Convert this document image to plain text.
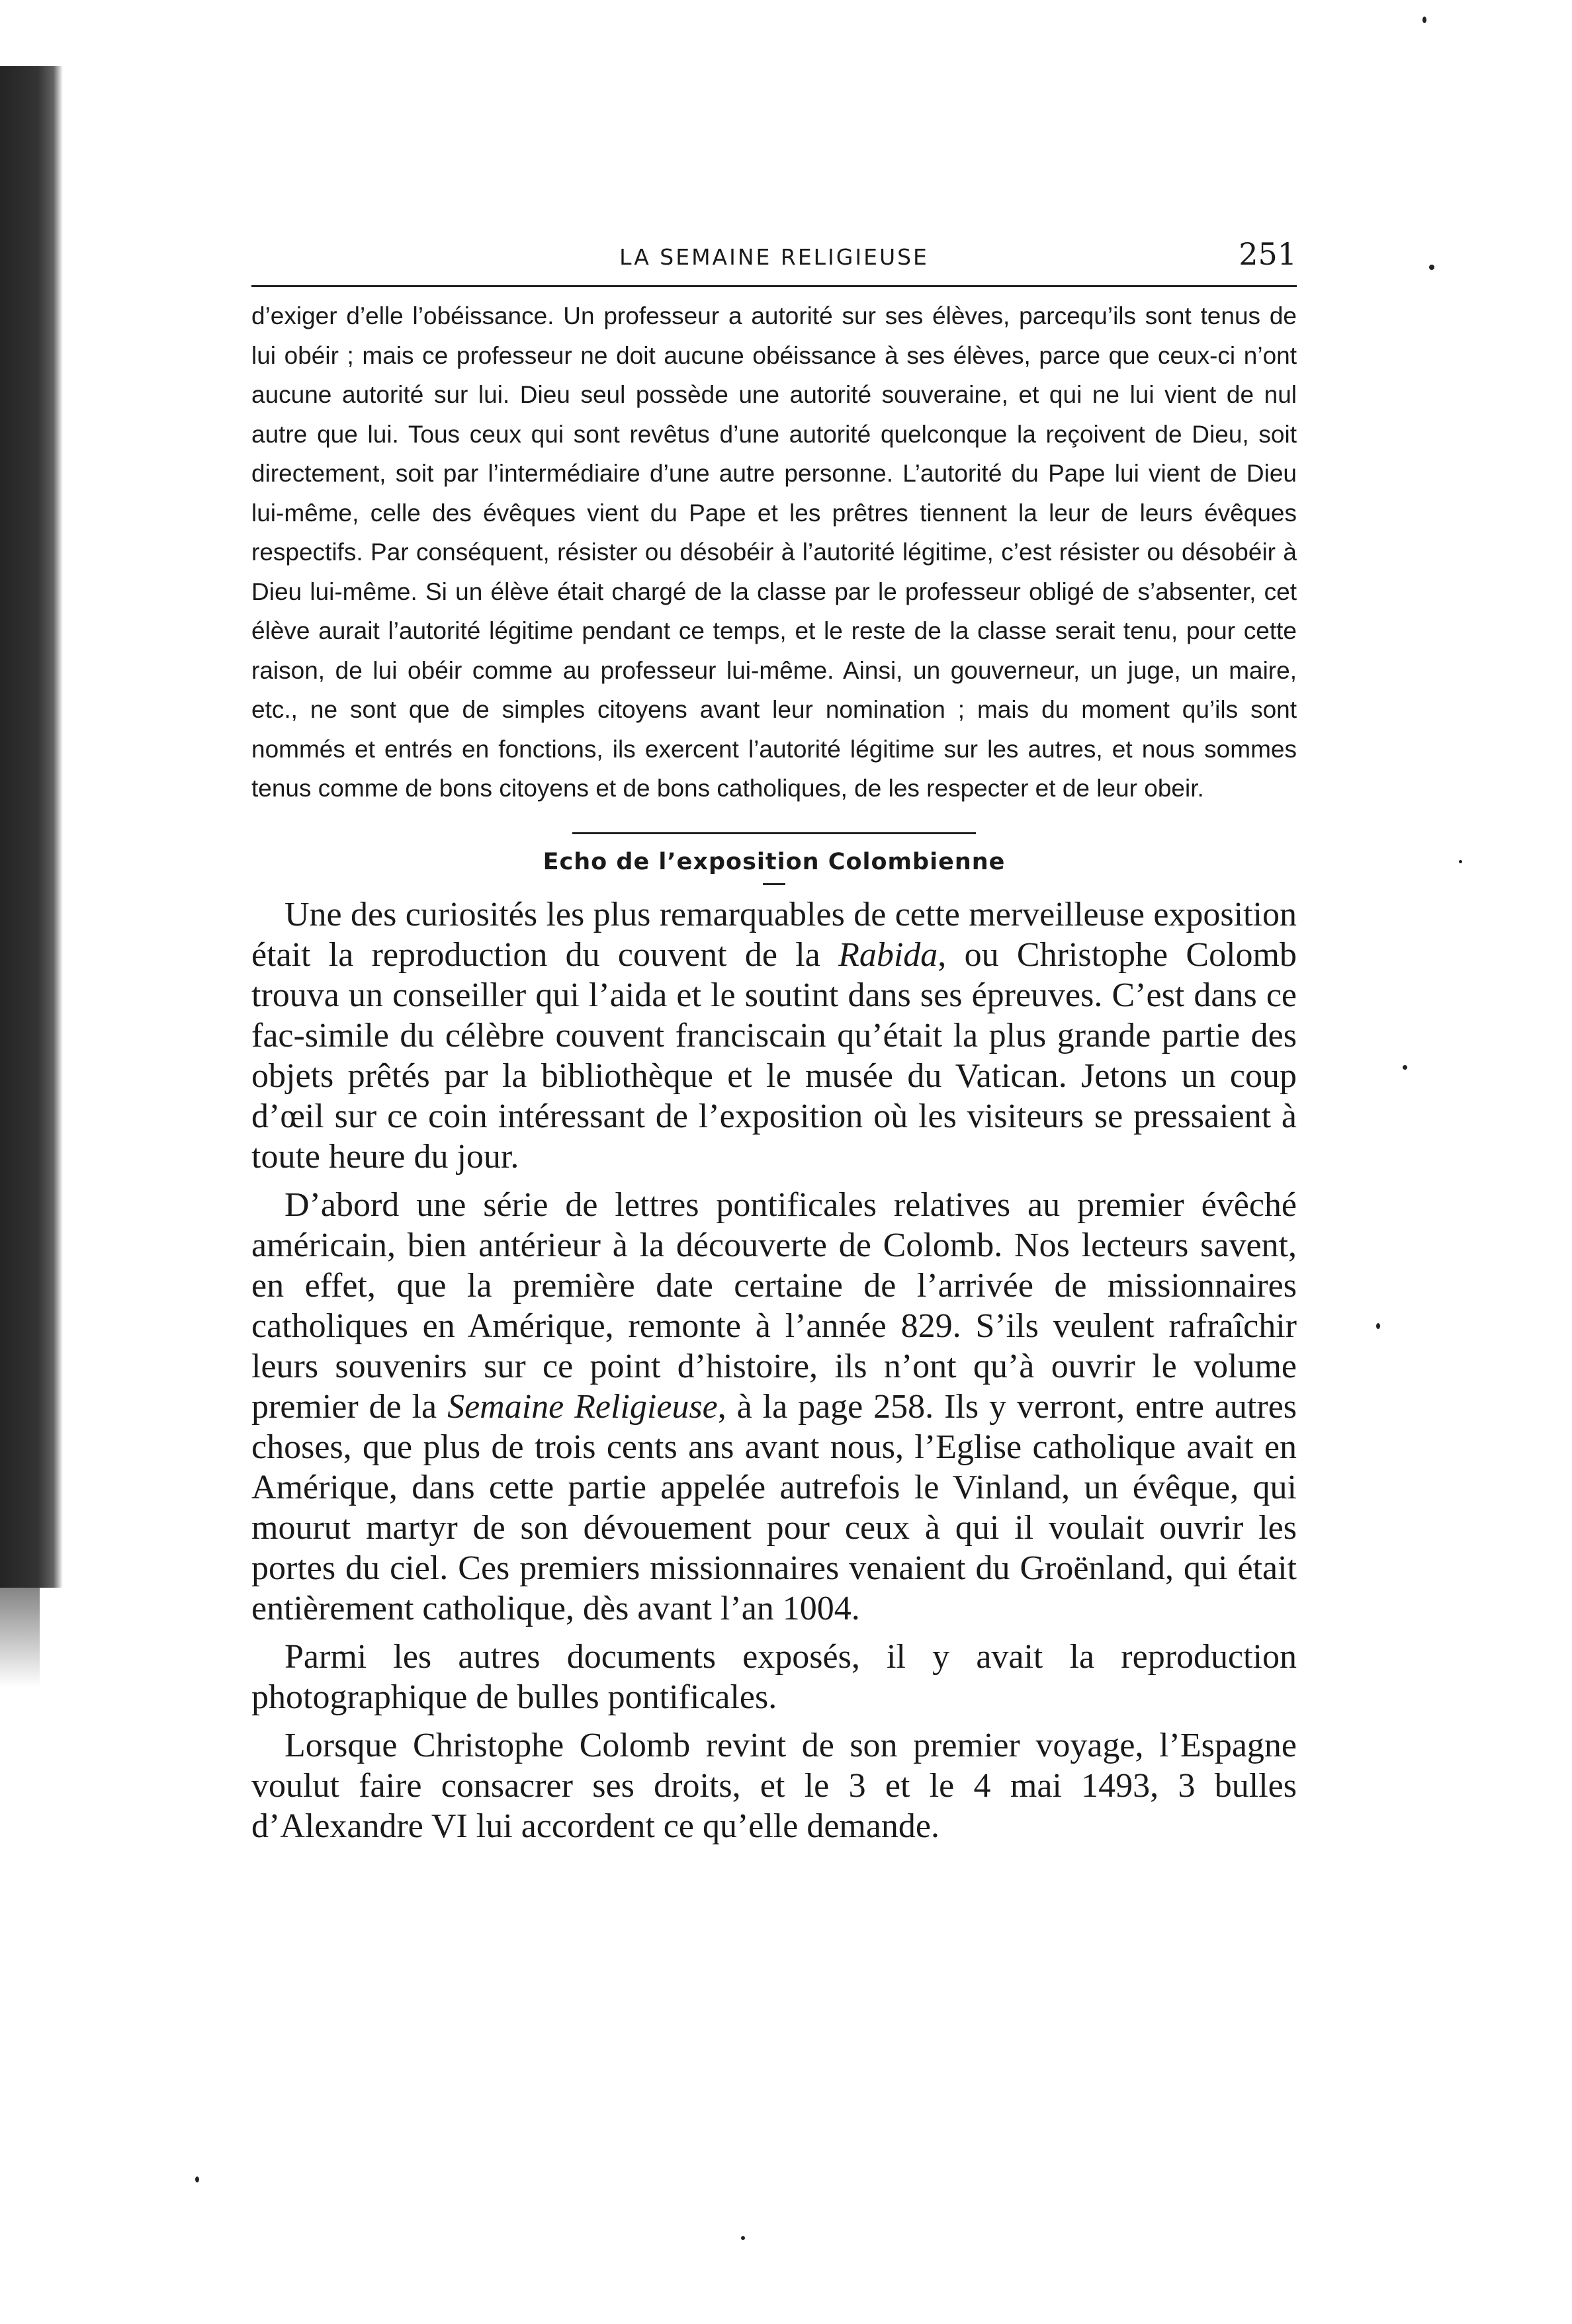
LA SEMAINE RELIGIEUSE	251
d’exiger d’elle l’obéissance. Un professeur a autorité sur ses élèves, parcequ’ils sont tenus de lui obéir ; mais ce professeur ne doit aucune obéissance à ses élèves, parce que ceux-ci n’ont aucune autorité sur lui. Dieu seul possède une autorité souveraine, et qui ne lui vient de nul autre que lui. Tous ceux qui sont revêtus d’une autorité quelconque la reçoivent de Dieu, soit directement, soit par l’intermédiaire d’une autre personne. L’autorité du Pape lui vient de Dieu lui-même, celle des évêques vient du Pape et les prêtres tiennent la leur de leurs évêques respectifs. Par conséquent, résister ou désobéir à l’autorité légitime, c’est résister ou désobéir à Dieu lui-même. Si un élève était chargé de la classe par le professeur obligé de s’absenter, cet élève aurait l’autorité légitime pendant ce temps, et le reste de la classe serait tenu, pour cette raison, de lui obéir comme au professeur lui-même. Ainsi, un gouverneur, un juge, un maire, etc., ne sont que de simples citoyens avant leur nomination ; mais du moment qu’ils sont nommés et entrés en fonctions, ils exercent l’autorité légitime sur les autres, et nous sommes tenus comme de bons citoyens et de bons catholiques, de les respecter et de leur obeir.
Echo de l’exposition Colombienne

Une des curiosités les plus remarquables de cette merveilleuse exposition était la reproduction du couvent de la Rabida, ou Christophe Colomb trouva un conseiller qui l’aida et le soutint dans ses épreuves. C’est dans ce fac-simile du célèbre couvent franciscain qu’était la plus grande partie des objets prêtés par la bibliothèque et le musée du Vatican. Jetons un coup d’œil sur ce coin intéressant de l’exposition où les visiteurs se pressaient à toute heure du jour.

D’abord une série de lettres pontificales relatives au premier évêché américain, bien antérieur à la découverte de Colomb. Nos lecteurs savent, en effet, que la première date certaine de l’arrivée de missionnaires catholiques en Amérique, remonte à l’année 829. S’ils veulent rafraîchir leurs souvenirs sur ce point d’histoire, ils n’ont qu’à ouvrir le volume premier de la Semaine Religieuse, à la page 258. Ils y verront, entre autres choses, que plus de trois cents ans avant nous, l’Eglise catholique avait en Amérique, dans cette partie appelée autrefois le Vinland, un évêque, qui mourut martyr de son dévouement pour ceux à qui il voulait ouvrir les portes du ciel. Ces premiers missionnaires venaient du Groënland, qui était entièrement catholique, dès avant l’an 1004.

Parmi les autres documents exposés, il y avait la reproduction photographique de bulles pontificales.

Lorsque Christophe Colomb revint de son premier voyage, l’Espagne voulut faire consacrer ses droits, et le 3 et le 4 mai 1493, 3 bulles d’Alexandre VI lui accordent ce qu’elle demande.
